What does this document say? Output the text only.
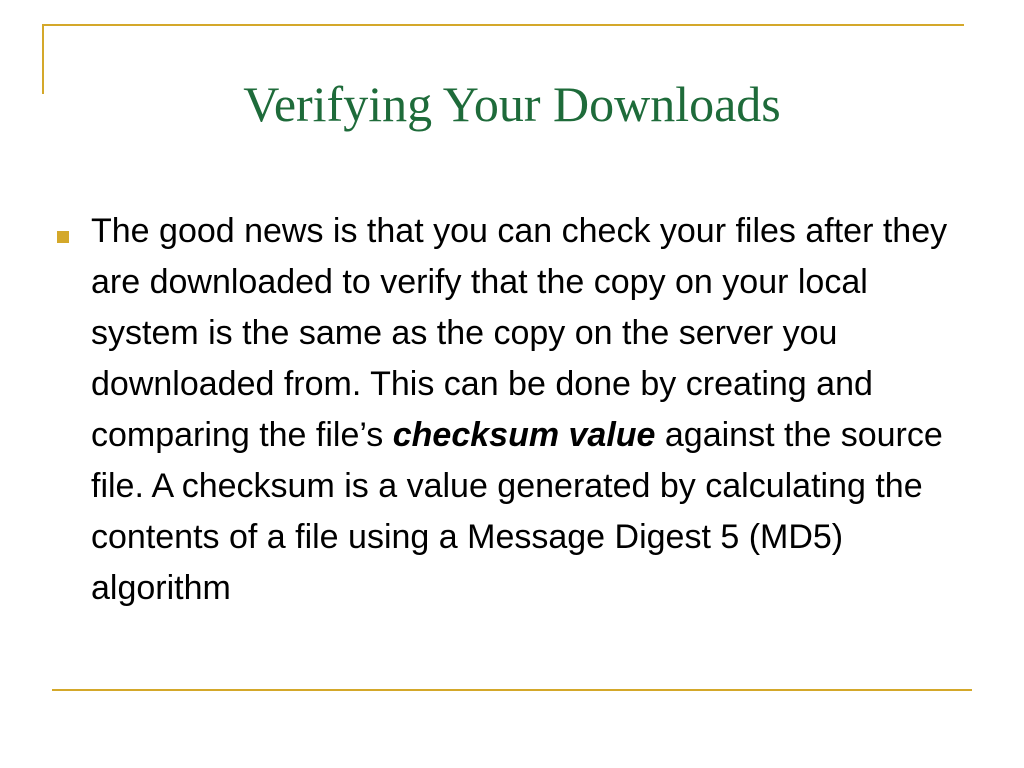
Verifying Your Downloads
The good news is that you can check your files after they are downloaded to verify that the copy on your local system is the same as the copy on the server you downloaded from. This can be done by creating and comparing the file’s checksum value against the source file. A checksum is a value generated by calculating the contents of a file using a Message Digest 5 (MD5) algorithm
